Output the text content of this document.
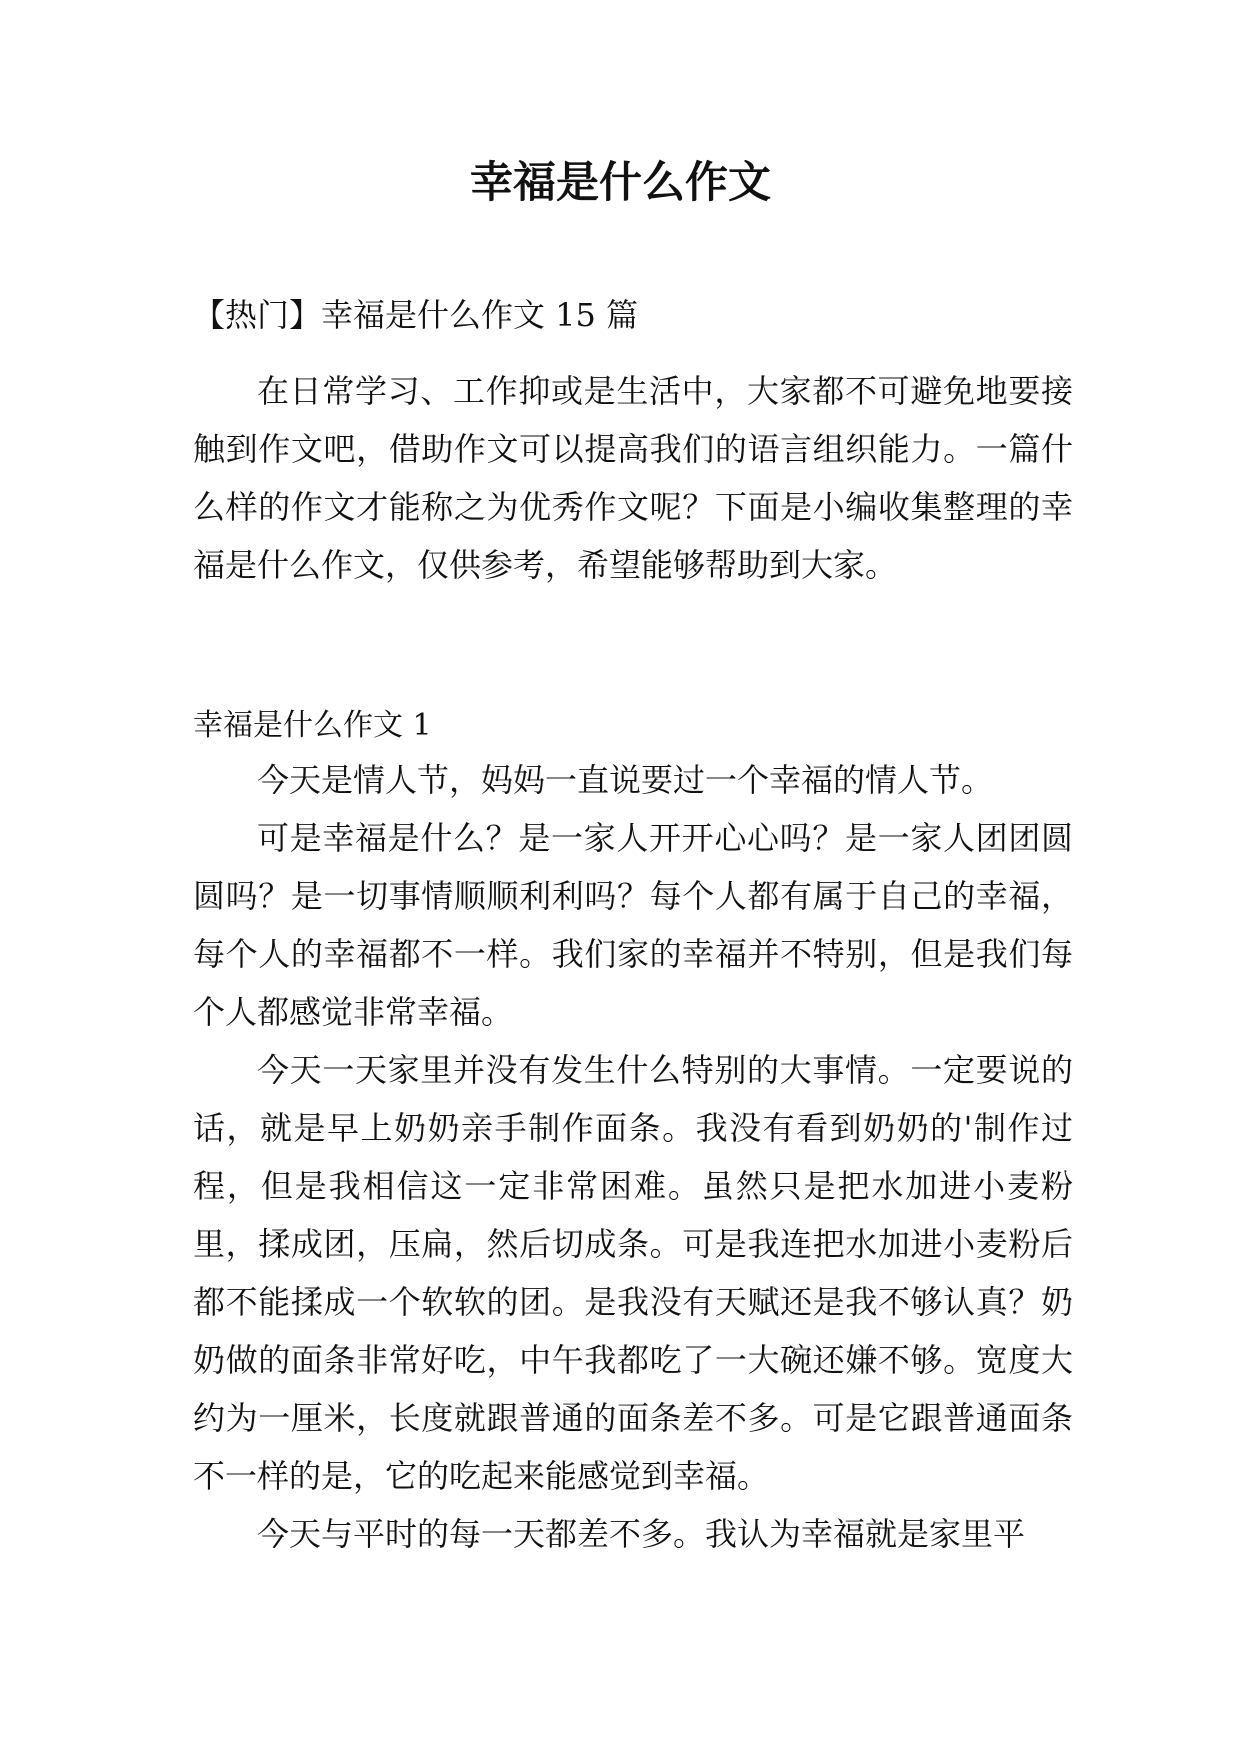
幸福是什么作文
【热门】幸福是什么作文 15 篇

在日常学习、工作抑或是生活中，大家都不可避免地要接触到作文吧，借助作文可以提高我们的语言组织能力。一篇什么样的作文才能称之为优秀作文呢？下面是小编收集整理的幸福是什么作文，仅供参考，希望能够帮助到大家。

幸福是什么作文 1

今天是情人节，妈妈一直说要过一个幸福的情人节。

可是幸福是什么？是一家人开开心心吗？是一家人团团圆圆吗？是一切事情顺顺利利吗？每个人都有属于自己的幸福，每个人的幸福都不一样。我们家的幸福并不特别，但是我们每个人都感觉非常幸福。

今天一天家里并没有发生什么特别的大事情。一定要说的话，就是早上奶奶亲手制作面条。我没有看到奶奶的'制作过程，但是我相信这一定非常困难。虽然只是把水加进小麦粉里，揉成团，压扁，然后切成条。可是我连把水加进小麦粉后都不能揉成一个软软的团。是我没有天赋还是我不够认真？奶奶做的面条非常好吃，中午我都吃了一大碗还嫌不够。宽度大约为一厘米，长度就跟普通的面条差不多。可是它跟普通面条不一样的是，它的吃起来能感觉到幸福。

今天与平时的每一天都差不多。我认为幸福就是家里平
